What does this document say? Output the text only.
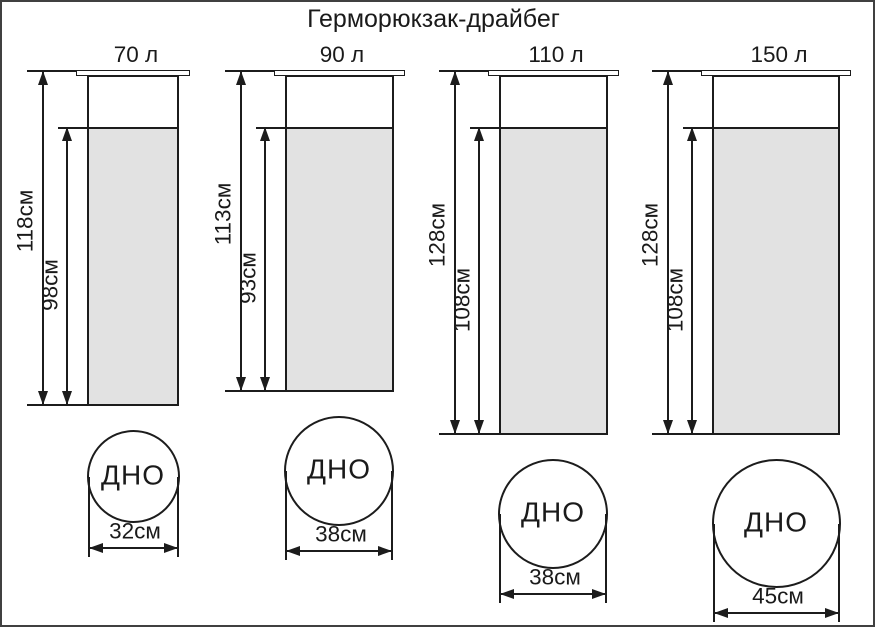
Герморюкзак-драйбег
70 л
118см
98см
ДНО
32см
90 л
113см
93см
ДНО
38см
110 л
128см
108см
ДНО
38см
150 л
128см
108см
ДНО
45см
